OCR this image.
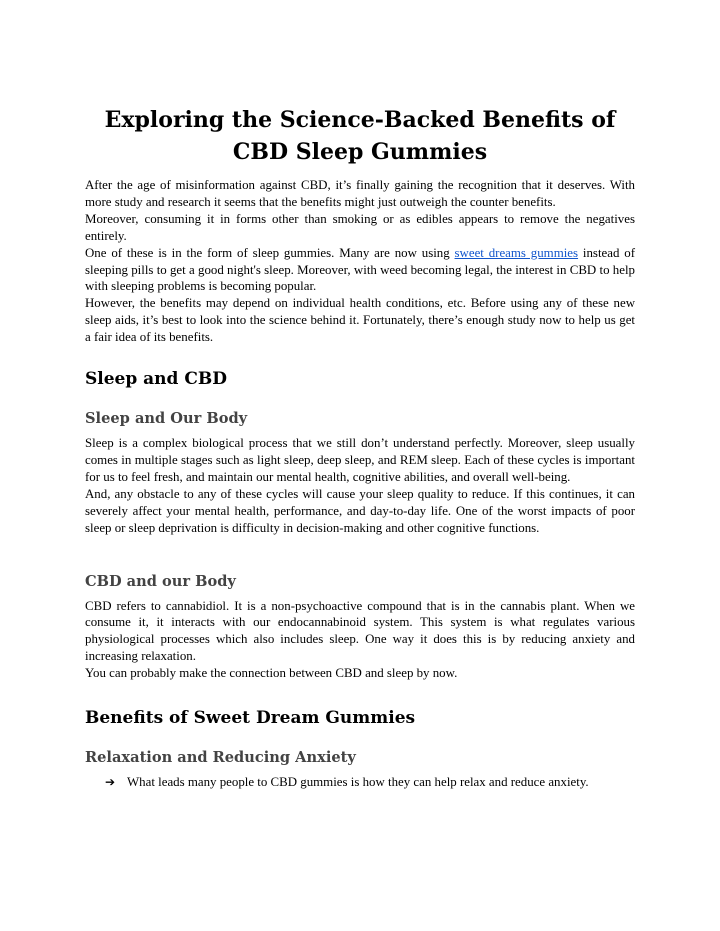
Exploring the Science-Backed Benefits of
CBD Sleep Gummies

After the age of misinformation against CBD, it’s finally gaining the recognition that it deserves. With more study and research it seems that the benefits might just outweigh the counter benefits.

Moreover, consuming it in forms other than smoking or as edibles appears to remove the negatives entirely.

One of these is in the form of sleep gummies. Many are now using sweet dreams gummies instead of sleeping pills to get a good night's sleep. Moreover, with weed becoming legal, the interest in CBD to help with sleeping problems is becoming popular.

However, the benefits may depend on individual health conditions, etc. Before using any of these new sleep aids, it’s best to look into the science behind it. Fortunately, there’s enough study now to help us get a fair idea of its benefits.

Sleep and CBD
Sleep and Our Body

Sleep is a complex biological process that we still don’t understand perfectly. Moreover, sleep usually comes in multiple stages such as light sleep, deep sleep, and REM sleep. Each of these cycles is important for us to feel fresh, and maintain our mental health, cognitive abilities, and overall well-being.

And, any obstacle to any of these cycles will cause your sleep quality to reduce. If this continues, it can severely affect your mental health, performance, and day-to-day life. One of the worst impacts of poor sleep or sleep deprivation is difficulty in decision-making and other cognitive functions.

CBD and our Body

CBD refers to cannabidiol. It is a non-psychoactive compound that is in the cannabis plant. When we consume it, it interacts with our endocannabinoid system. This system is what regulates various physiological processes which also includes sleep. One way it does this is by reducing anxiety and increasing relaxation.

You can probably make the connection between CBD and sleep by now.

Benefits of Sweet Dream Gummies
Relaxation and Reducing Anxiety
➔ What leads many people to CBD gummies is how they can help relax and reduce anxiety.
